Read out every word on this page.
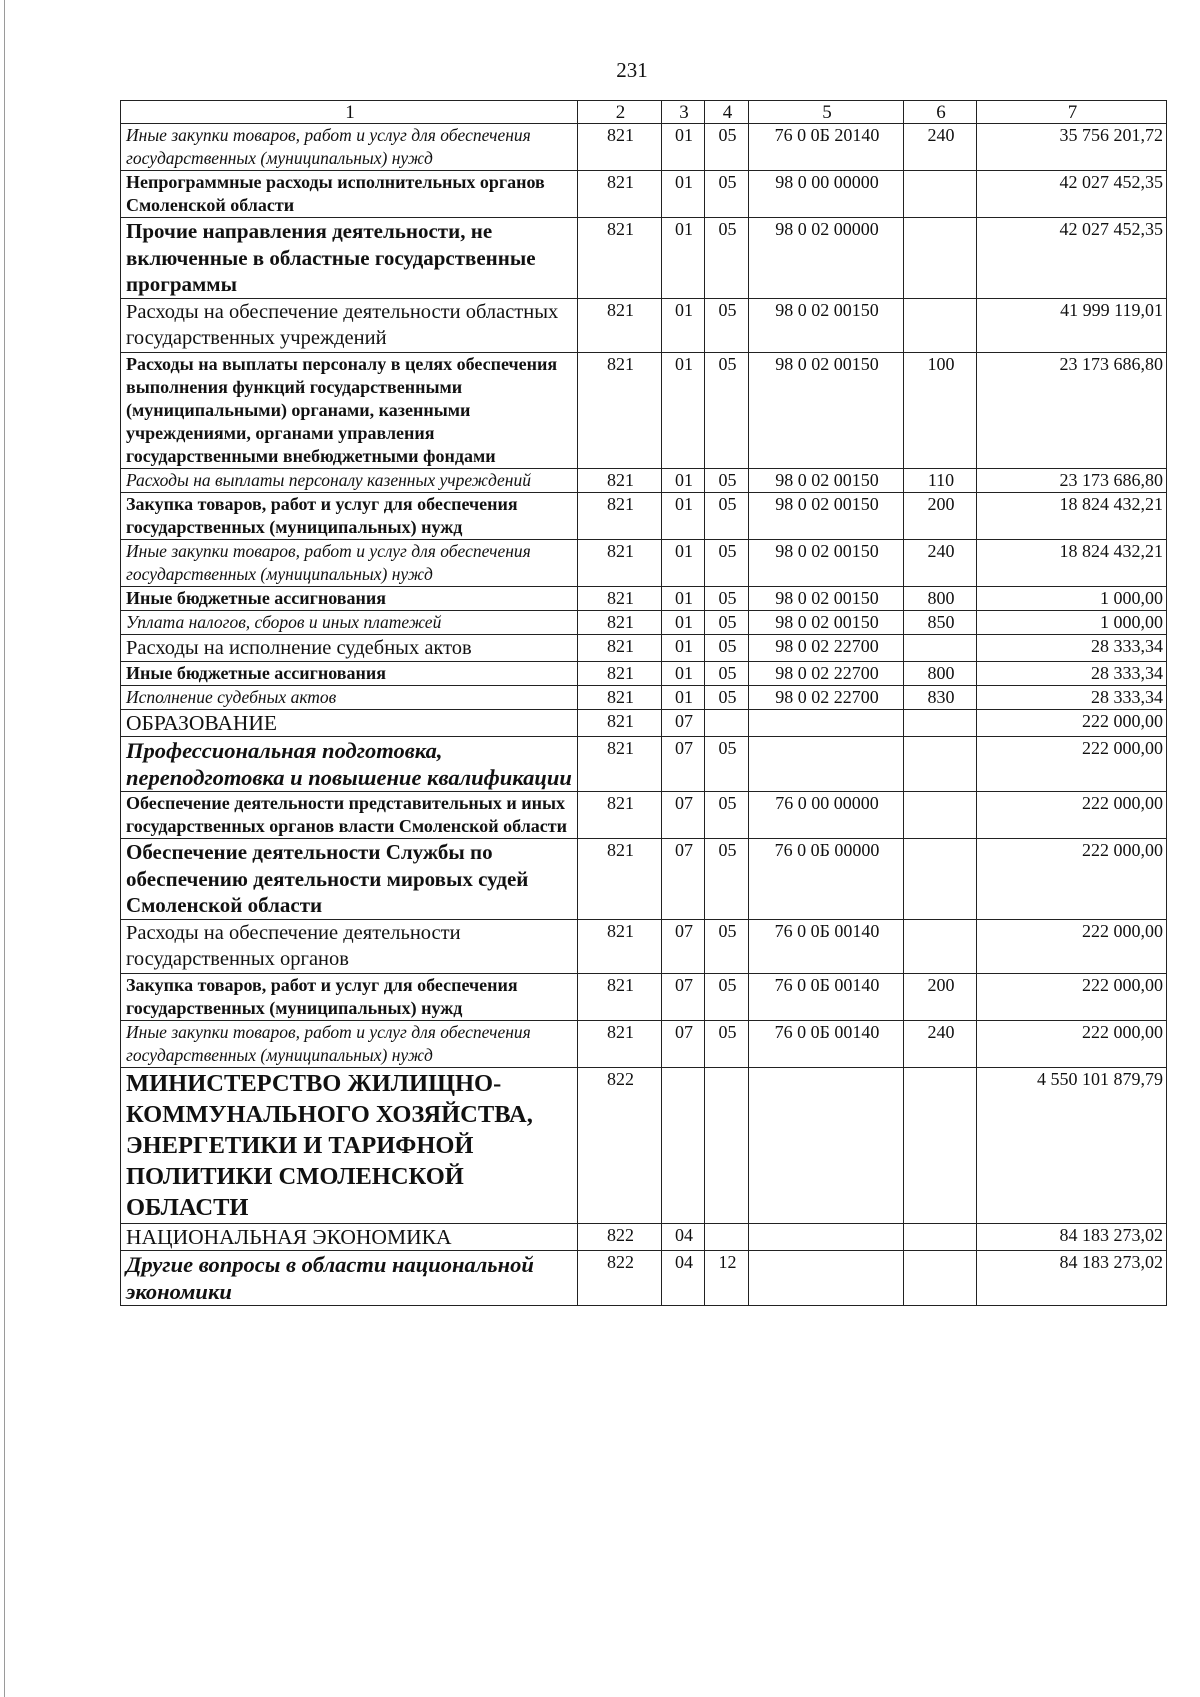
231
1	2	3	4	5	6	7
Иные закупки товаров, работ и услуг для обеспечения государственных (муниципальных) нужд	821	01	05	76 0 0Б 20140	240	35 756 201,72
Непрограммные расходы исполнительных органов Смоленской области	821	01	05	98 0 00 00000		42 027 452,35
Прочие направления деятельности, не включенные в областные государственные программы	821	01	05	98 0 02 00000		42 027 452,35
Расходы на обеспечение деятельности областных государственных учреждений	821	01	05	98 0 02 00150		41 999 119,01
Расходы на выплаты персоналу в целях обеспечения выполнения функций государственными (муниципальными) органами, казенными учреждениями, органами управления государственными внебюджетными фондами	821	01	05	98 0 02 00150	100	23 173 686,80
Расходы на выплаты персоналу казенных учреждений	821	01	05	98 0 02 00150	110	23 173 686,80
Закупка товаров, работ и услуг для обеспечения государственных (муниципальных) нужд	821	01	05	98 0 02 00150	200	18 824 432,21
Иные закупки товаров, работ и услуг для обеспечения государственных (муниципальных) нужд	821	01	05	98 0 02 00150	240	18 824 432,21
Иные бюджетные ассигнования	821	01	05	98 0 02 00150	800	1 000,00
Уплата налогов, сборов и иных платежей	821	01	05	98 0 02 00150	850	1 000,00
Расходы на исполнение судебных актов	821	01	05	98 0 02 22700		28 333,34
Иные бюджетные ассигнования	821	01	05	98 0 02 22700	800	28 333,34
Исполнение судебных актов	821	01	05	98 0 02 22700	830	28 333,34
ОБРАЗОВАНИЕ	821	07				222 000,00
Профессиональная подготовка, переподготовка и повышение квалификации	821	07	05			222 000,00
Обеспечение деятельности представительных и иных государственных органов власти Смоленской области	821	07	05	76 0 00 00000		222 000,00
Обеспечение деятельности Службы по обеспечению деятельности мировых судей Смоленской области	821	07	05	76 0 0Б 00000		222 000,00
Расходы на обеспечение деятельности государственных органов	821	07	05	76 0 0Б 00140		222 000,00
Закупка товаров, работ и услуг для обеспечения государственных (муниципальных) нужд	821	07	05	76 0 0Б 00140	200	222 000,00
Иные закупки товаров, работ и услуг для обеспечения государственных (муниципальных) нужд	821	07	05	76 0 0Б 00140	240	222 000,00
МИНИСТЕРСТВО ЖИЛИЩНО-КОММУНАЛЬНОГО ХОЗЯЙСТВА, ЭНЕРГЕТИКИ И ТАРИФНОЙ ПОЛИТИКИ СМОЛЕНСКОЙ ОБЛАСТИ	822					4 550 101 879,79
НАЦИОНАЛЬНАЯ ЭКОНОМИКА	822	04				84 183 273,02
Другие вопросы в области национальной экономики	822	04	12			84 183 273,02
